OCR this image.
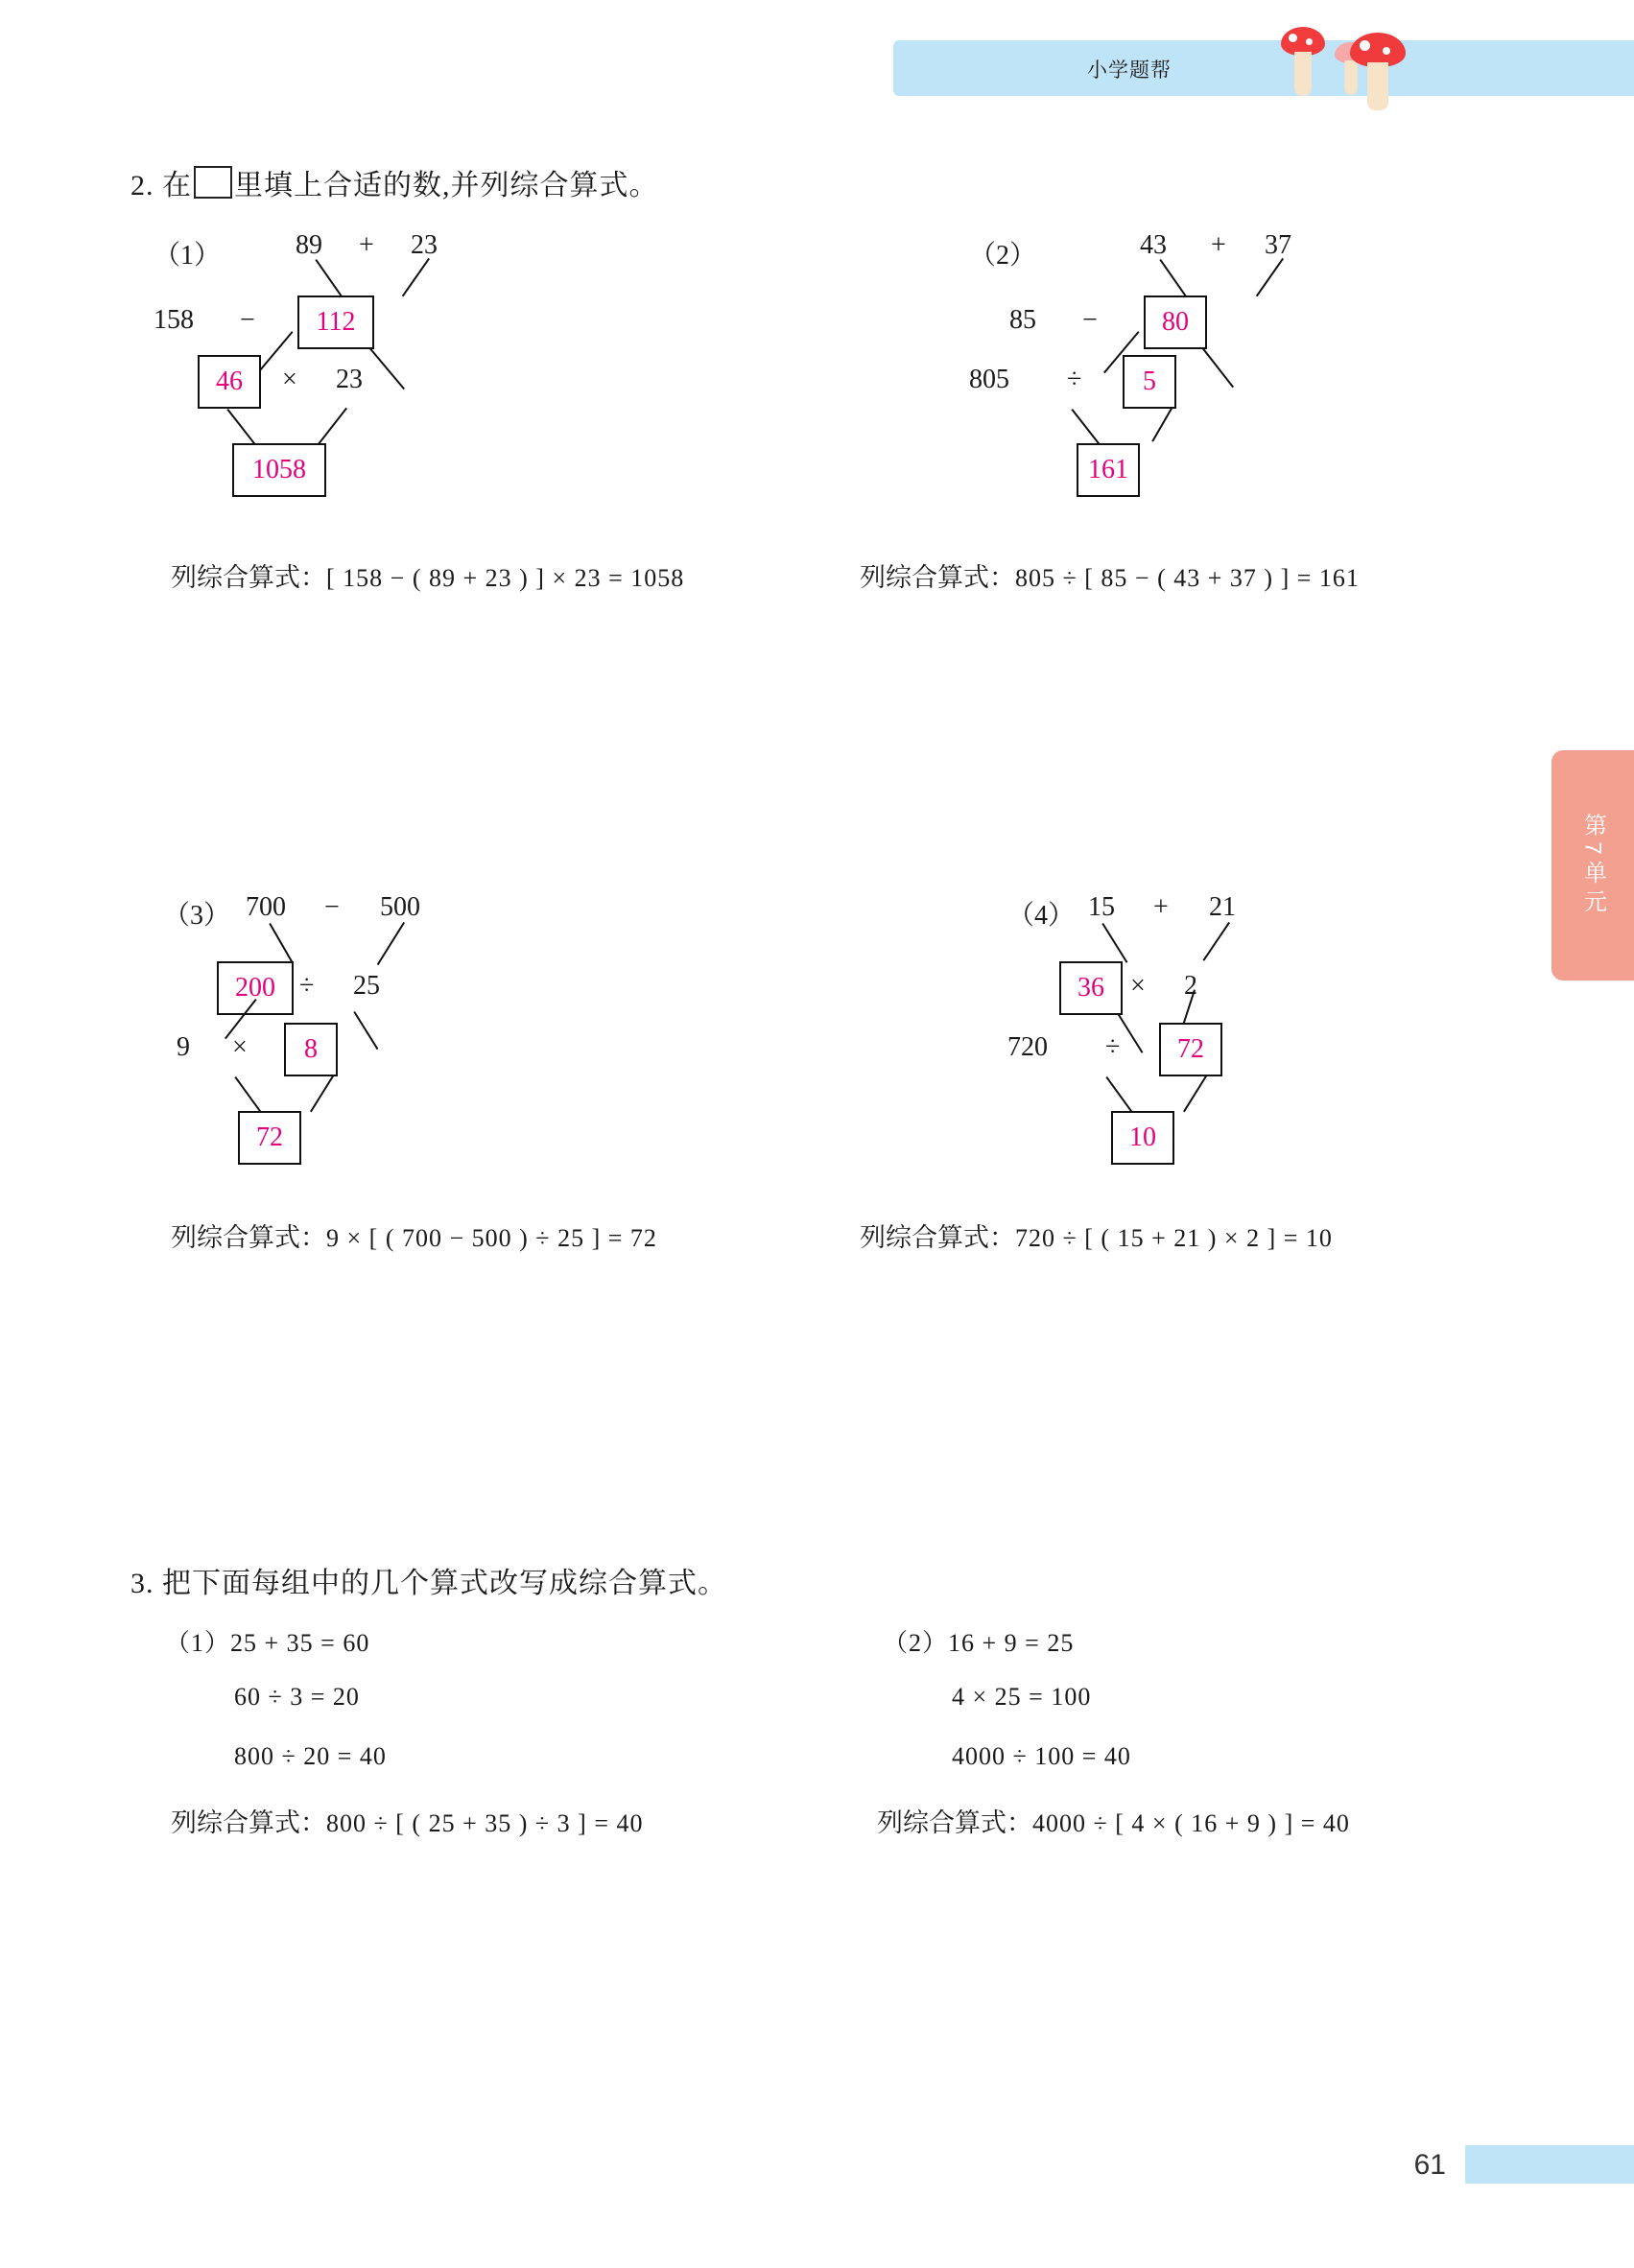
小学题帮
第7单元
2. 在 里填上合适的数,并列综合算式。
（1）	89 + 23
158 −	112
46	× 23
1058
列综合算式：[ 158 − ( 89 + 23 ) ] × 23 = 1058
（2）	43 + 37
85 −	80
805 ÷	5
161
列综合算式：805 ÷ [ 85 − ( 43 + 37 ) ] = 161
（3） 700 − 500
200 ÷ 25
9 ×	8
72
列综合算式：9 × [ ( 700 − 500 ) ÷ 25 ] = 72
（4） 15 + 21
36 × 2
720 ÷	72
10
列综合算式：720 ÷ [ ( 15 + 21 ) × 2 ] = 10
3. 把下面每组中的几个算式改写成综合算式。
（1）25 + 35 = 60
60 ÷ 3 = 20
800 ÷ 20 = 40
列综合算式：800 ÷ [ ( 25 + 35 ) ÷ 3 ] = 40
（2）16 + 9 = 25
4 × 25 = 100
4000 ÷ 100 = 40
列综合算式：4000 ÷ [ 4 × ( 16 + 9 ) ] = 40
61
